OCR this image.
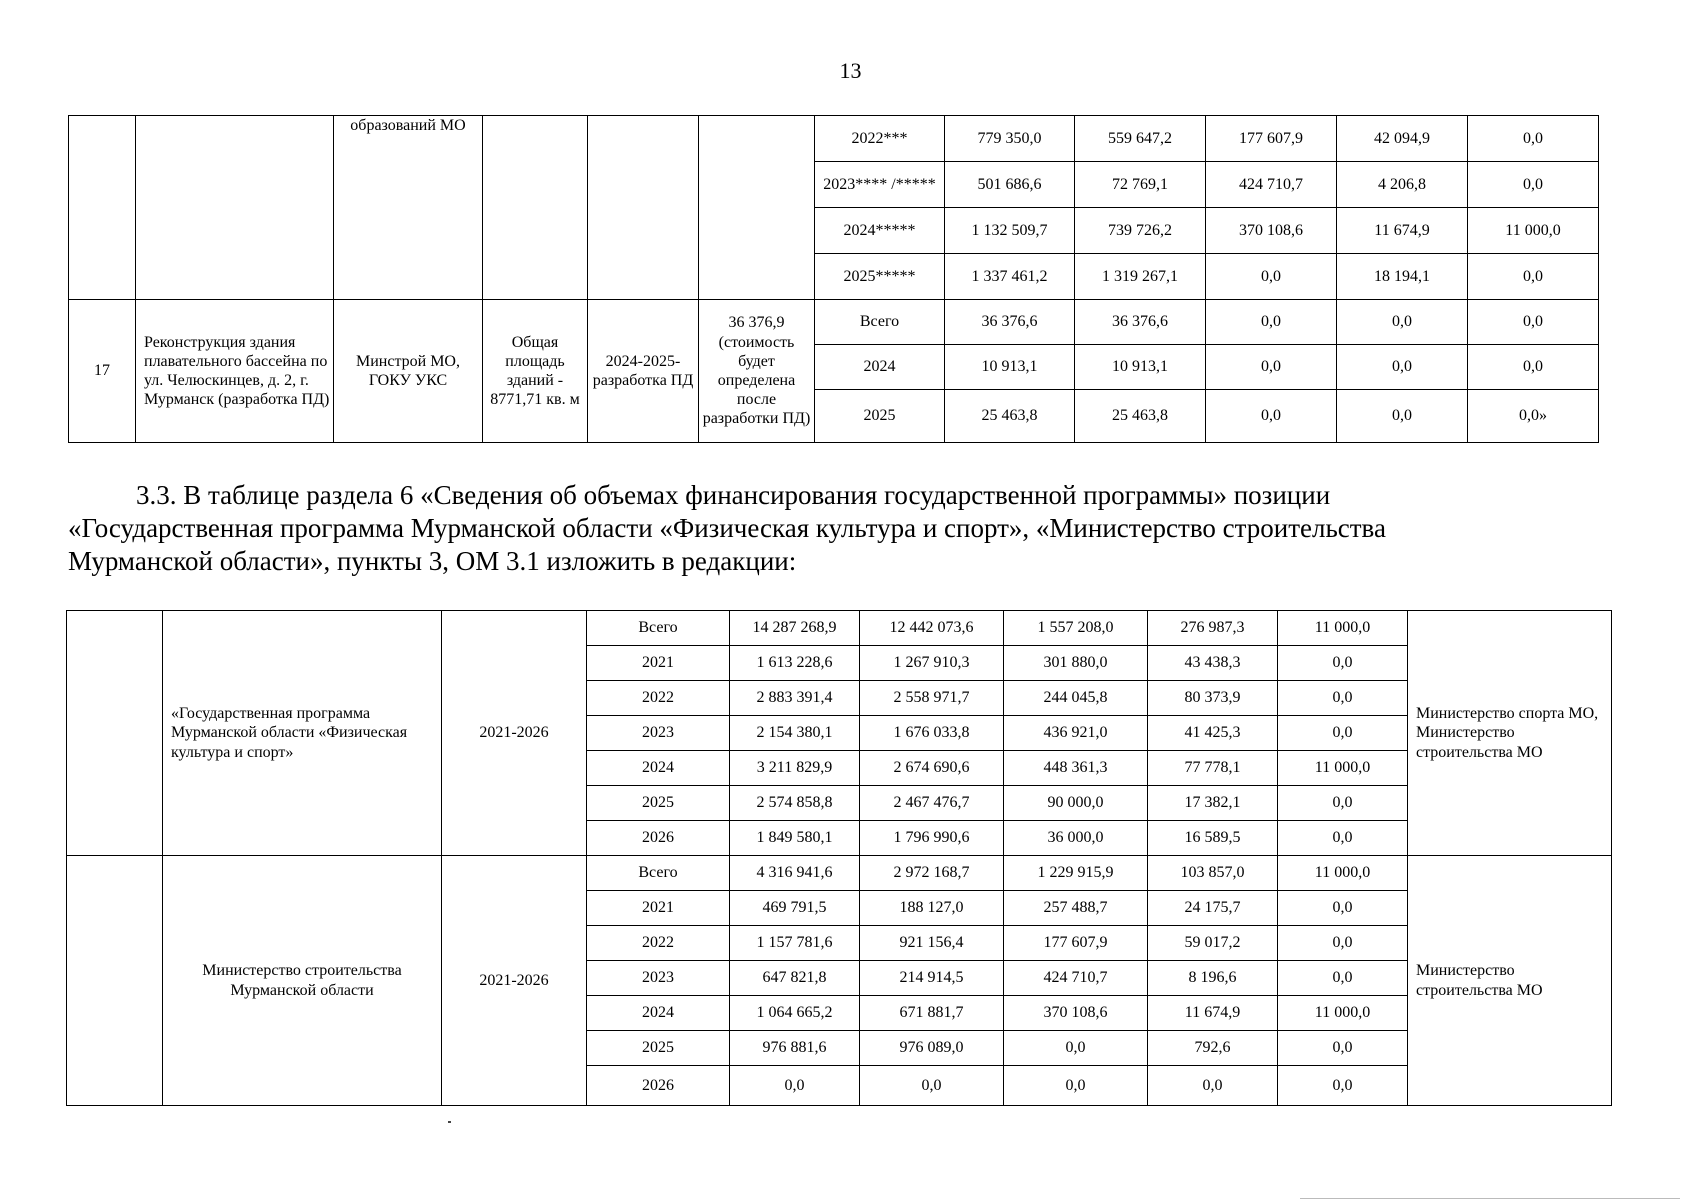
13
		образований МО				2022***	779 350,0	559 647,2	177 607,9	42 094,9	0,0
						2023**** /*****	501 686,6	72 769,1	424 710,7	4 206,8	0,0
						2024*****	1 132 509,7	739 726,2	370 108,6	11 674,9	11 000,0
						2025*****	1 337 461,2	1 319 267,1	0,0	18 194,1	0,0
17	Реконструкция здания плавательного бассейна по ул. Челюскинцев, д. 2, г. Мурманск (разработка ПД)	Минстрой МО, ГОКУ УКС	Общая площадь зданий - 8771,71 кв. м	2024-2025- разработка ПД	36 376,9 (стоимость будет определена после разработки ПД)	Всего	36 376,6	36 376,6	0,0	0,0	0,0
						2024	10 913,1	10 913,1	0,0	0,0	0,0
						2025	25 463,8	25 463,8	0,0	0,0	0,0»
3.3. В таблице раздела 6 «Сведения об объемах финансирования государственной программы» позиции
«Государственная программа Мурманской области «Физическая культура и спорт», «Министерство строительства
Мурманской области», пункты 3, ОМ 3.1 изложить в редакции:
	«Государственная программа Мурманской области «Физическая культура и спорт»	2021-2026	Всего	14 287 268,9	12 442 073,6	1 557 208,0	276 987,3	11 000,0	Министерство спорта МО, Министерство строительства МО
			2021	1 613 228,6	1 267 910,3	301 880,0	43 438,3	0,0	
			2022	2 883 391,4	2 558 971,7	244 045,8	80 373,9	0,0	
			2023	2 154 380,1	1 676 033,8	436 921,0	41 425,3	0,0	
			2024	3 211 829,9	2 674 690,6	448 361,3	77 778,1	11 000,0	
			2025	2 574 858,8	2 467 476,7	90 000,0	17 382,1	0,0	
			2026	1 849 580,1	1 796 990,6	36 000,0	16 589,5	0,0	
	Министерство строительства Мурманской области	2021-2026	Всего	4 316 941,6	2 972 168,7	1 229 915,9	103 857,0	11 000,0	Министерство строительства МО
			2021	469 791,5	188 127,0	257 488,7	24 175,7	0,0	
			2022	1 157 781,6	921 156,4	177 607,9	59 017,2	0,0	
			2023	647 821,8	214 914,5	424 710,7	8 196,6	0,0	
			2024	1 064 665,2	671 881,7	370 108,6	11 674,9	11 000,0	
			2025	976 881,6	976 089,0	0,0	792,6	0,0	
			2026	0,0	0,0	0,0	0,0	0,0	
